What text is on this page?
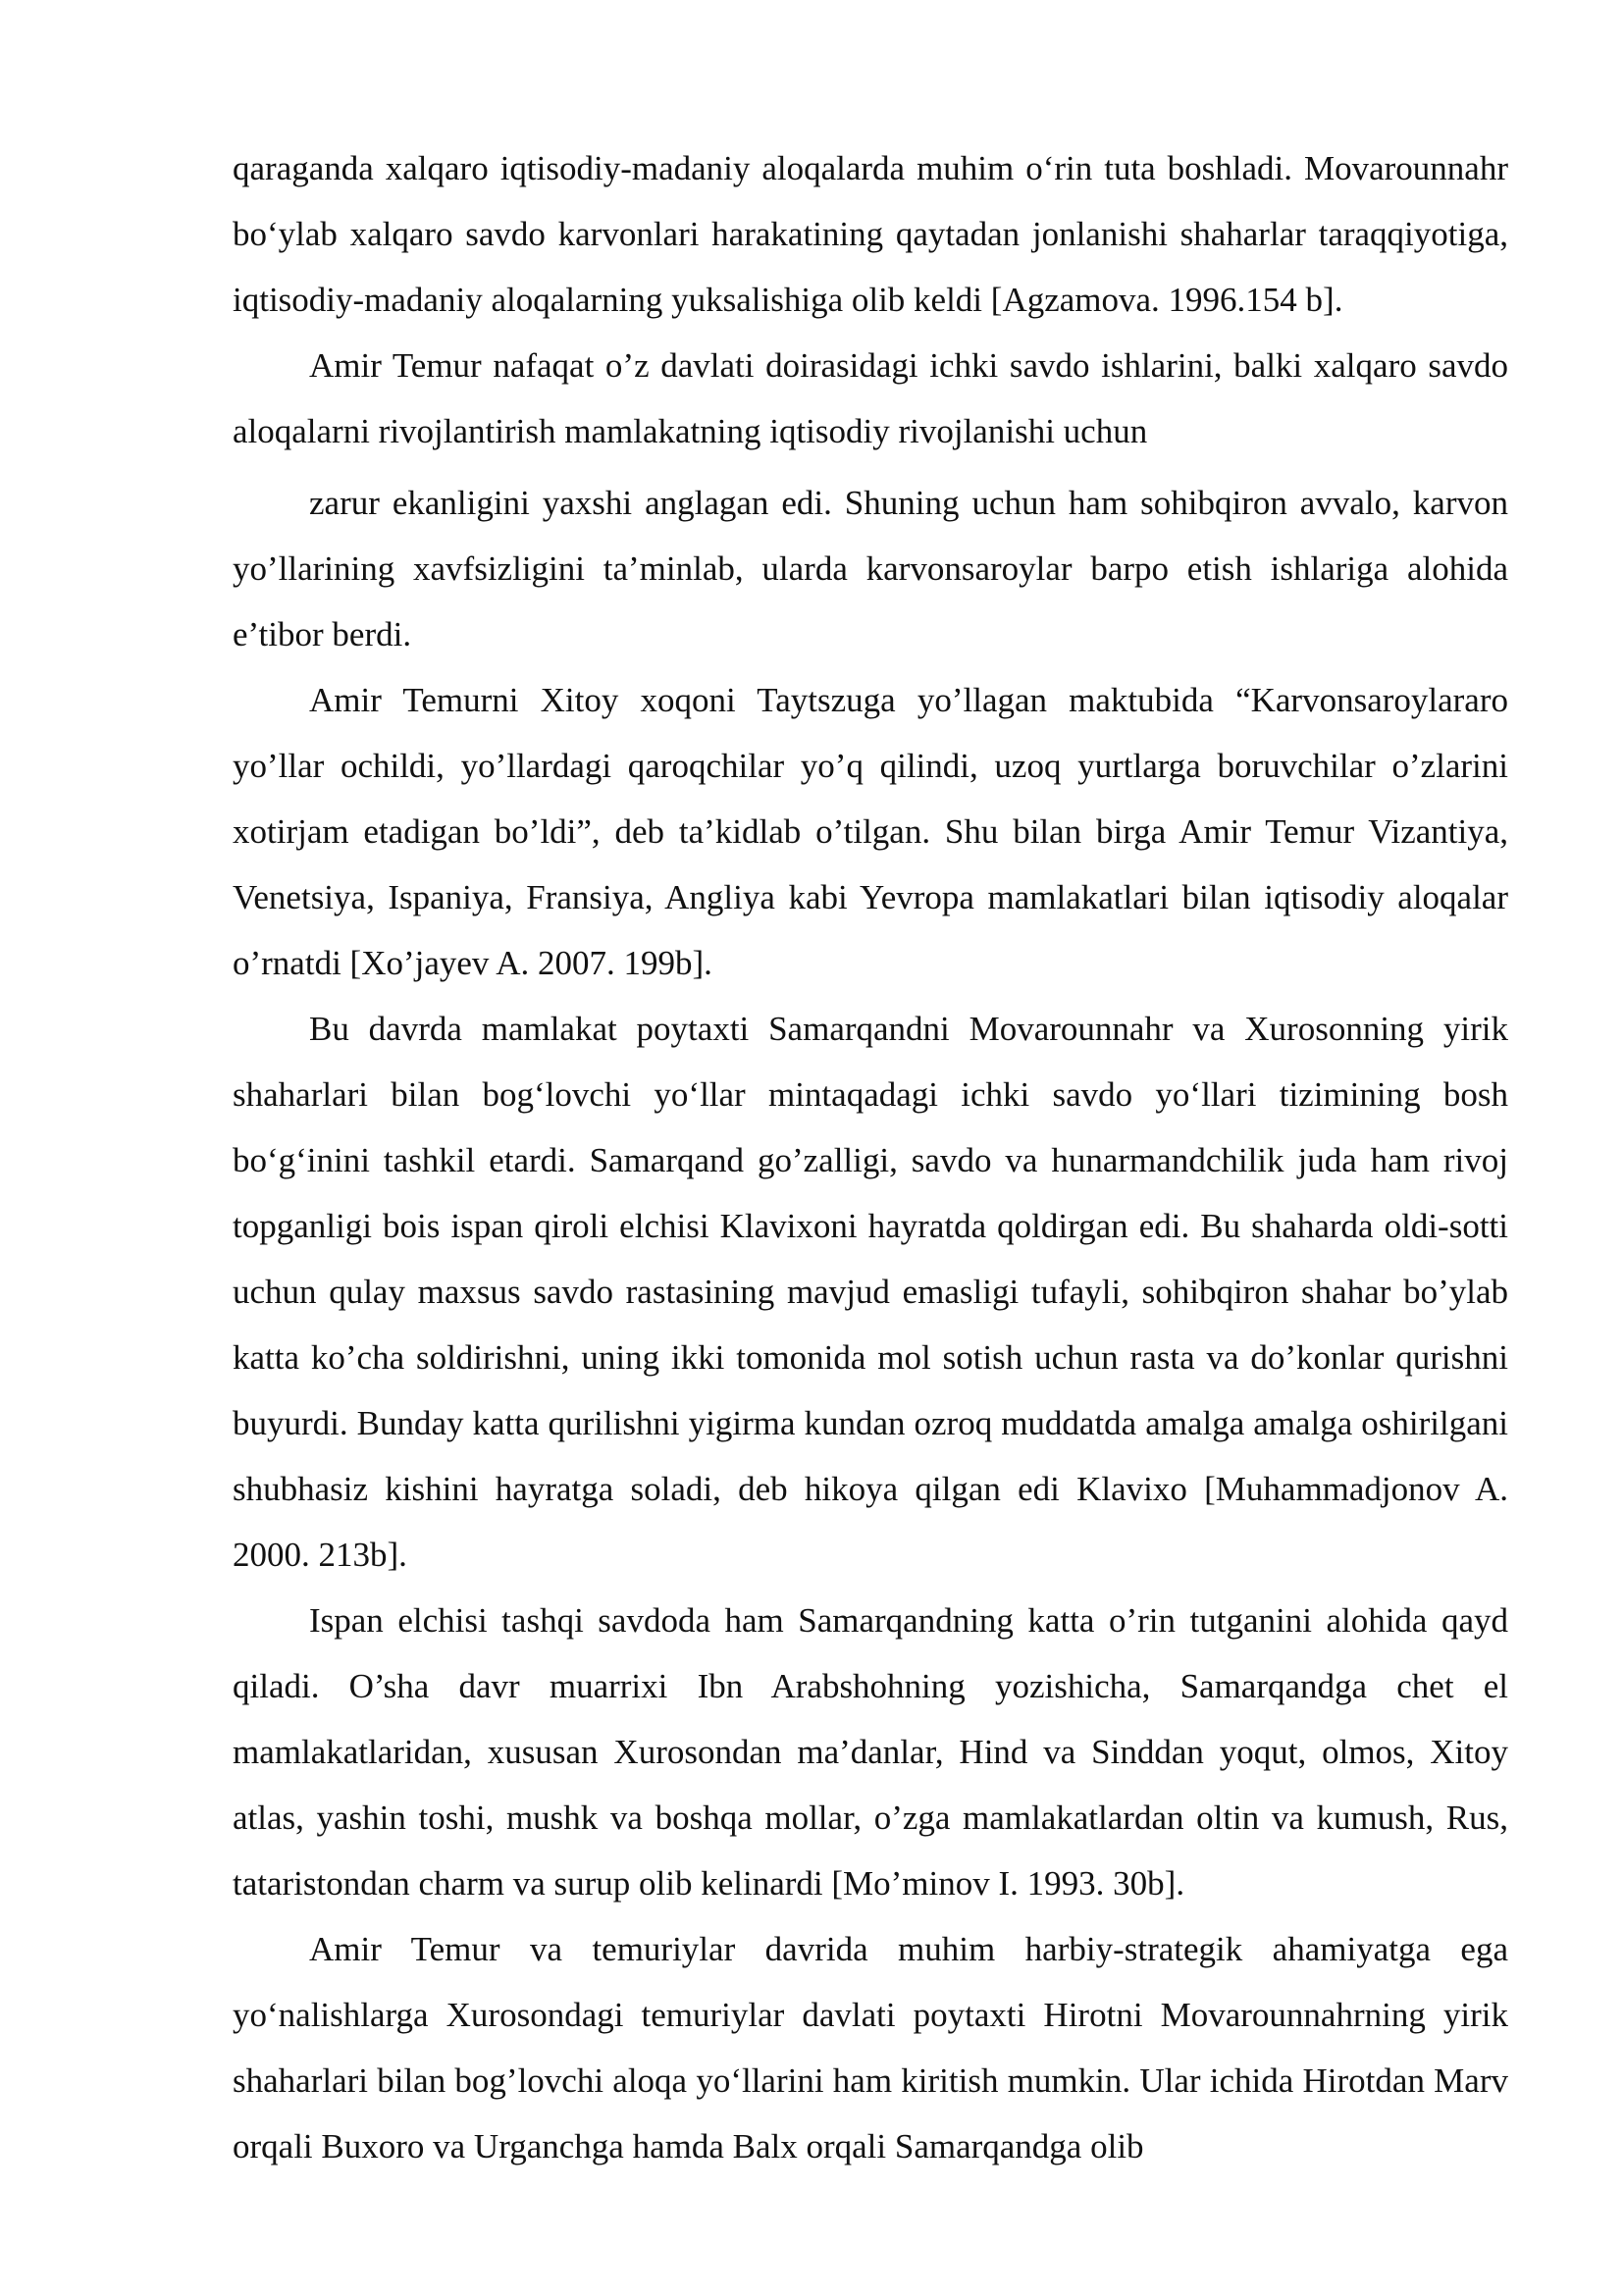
qaraganda xalqaro iqtisodiy-madaniy aloqalarda muhim o‘rin tuta boshladi. Movarounnahr bo‘ylab xalqaro savdo karvonlari harakatining qaytadan jonlanishi shaharlar taraqqiyotiga, iqtisodiy-madaniy aloqalarning yuksalishiga olib keldi [Agzamova. 1996.154 b].

Amir Temur nafaqat o’z davlati doirasidagi ichki savdo ishlarini, balki xalqaro savdo aloqalarni rivojlantirish mamlakatning iqtisodiy rivojlanishi uchun

zarur ekanligini yaxshi anglagan edi. Shuning uchun ham sohibqiron avvalo, karvon yo’llarining xavfsizligini ta’minlab, ularda karvonsaroylar barpo etish ishlariga alohida e’tibor berdi.

Amir Temurni Xitoy xoqoni Taytszuga yo’llagan maktubida “Karvonsaroylararo yo’llar ochildi, yo’llardagi qaroqchilar yo’q qilindi, uzoq yurtlarga boruvchilar o’zlarini xotirjam etadigan bo’ldi”, deb ta’kidlab o’tilgan. Shu bilan birga Amir Temur Vizantiya, Venetsiya, Ispaniya, Fransiya, Angliya kabi Yevropa mamlakatlari bilan iqtisodiy aloqalar o’rnatdi [Xo’jayev A. 2007. 199b].

Bu davrda mamlakat poytaxti Samarqandni Movarounnahr va Xurosonning yirik shaharlari bilan bog‘lovchi yo‘llar mintaqadagi ichki savdo yo‘llari tizimining bosh bo‘g‘inini tashkil etardi. Samarqand go’zalligi, savdo va hunarmandchilik juda ham rivoj topganligi bois ispan qiroli elchisi Klavixoni hayratda qoldirgan edi. Bu shaharda oldi-sotti uchun qulay maxsus savdo rastasining mavjud emasligi tufayli, sohibqiron shahar bo’ylab katta ko’cha soldirishni, uning ikki tomonida mol sotish uchun rasta va do’konlar qurishni buyurdi. Bunday katta qurilishni yigirma kundan ozroq muddatda amalga amalga oshirilgani shubhasiz kishini hayratga soladi, deb hikoya qilgan edi Klavixo [Muhammadjonov A. 2000. 213b].

Ispan elchisi tashqi savdoda ham Samarqandning katta o’rin tutganini alohida qayd qiladi. O’sha davr muarrixi Ibn Arabshohning yozishicha, Samarqandga chet el mamlakatlaridan, xususan Xurosondan ma’danlar, Hind va Sinddan yoqut, olmos, Xitoy atlas, yashin toshi, mushk va boshqa mollar, o’zga mamlakatlardan oltin va kumush, Rus, tataristondan charm va surup olib kelinardi [Mo’minov I. 1993. 30b].

Amir Temur va temuriylar davrida muhim harbiy-strategik ahamiyatga ega yo‘nalishlarga Xurosondagi temuriylar davlati poytaxti Hirotni Movarounnahrning yirik shaharlari bilan bog’lovchi aloqa yo‘llarini ham kiritish mumkin. Ular ichida Hirotdan Marv orqali Buxoro va Urganchga hamda Balx orqali Samarqandga olib
